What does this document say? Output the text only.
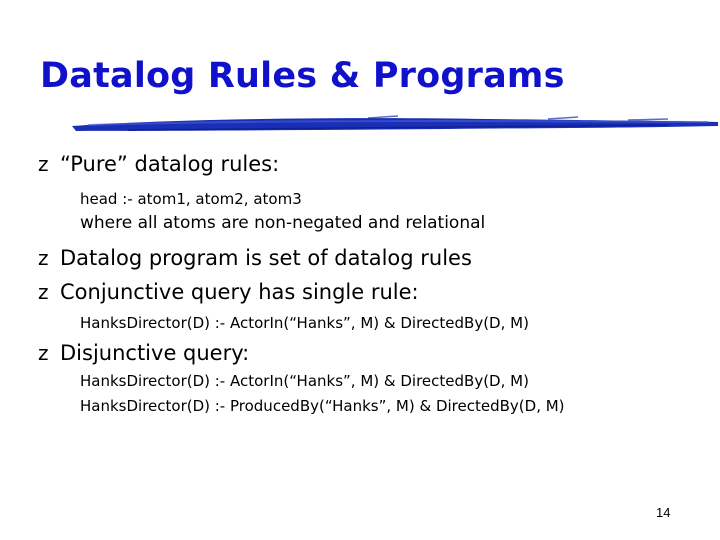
Datalog Rules & Programs
z “Pure” datalog rules:
head :- atom1, atom2, atom3
where all atoms are non-negated and relational
z Datalog program is set of datalog rules
z Conjunctive query has single rule:
HanksDirector(D) :- ActorIn(“Hanks”, M) & DirectedBy(D, M)
z Disjunctive query:
HanksDirector(D) :- ActorIn(“Hanks”, M) & DirectedBy(D, M)
HanksDirector(D) :- ProducedBy(“Hanks”, M) & DirectedBy(D, M)
14
